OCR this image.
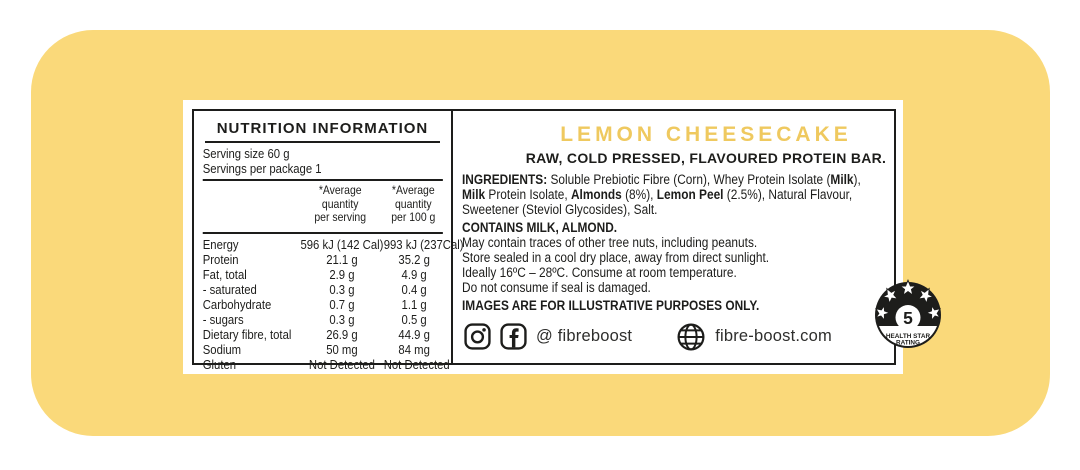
NUTRITION INFORMATION
Serving size 60 g
Servings per package 1
*Average
quantity
per serving
*Average
quantity
per 100 g
Energy	596 kJ (142 Cal) 993 kJ (237Cal)
Protein	21.1 g	35.2 g
Fat, total	2.9 g	4.9 g
- saturated	0.3 g	0.4 g
Carbohydrate	0.7 g	1.1 g
- sugars	0.3 g	0.5 g
Dietary fibre, total	26.9 g	44.9 g
Sodium	50 mg	84 mg
Gluten	Not Detected Not Detected
LEMON CHEESECAKE
RAW, COLD PRESSED, FLAVOURED PROTEIN BAR.
INGREDIENTS: Soluble Prebiotic Fibre (Corn), Whey Protein Isolate (Milk),
Milk Protein Isolate, Almonds (8%), Lemon Peel (2.5%), Natural Flavour,
Sweetener (Steviol Glycosides), Salt.
CONTAINS MILK, ALMOND.
May contain traces of other tree nuts, including peanuts.
Store sealed in a cool dry place, away from direct sunlight.
Ideally 16ºC – 28ºC. Consume at room temperature.
Do not consume if seal is damaged.
IMAGES ARE FOR ILLUSTRATIVE PURPOSES ONLY.
@ fibreboost	fibre-boost.com
5
HEALTH STAR
RATING
